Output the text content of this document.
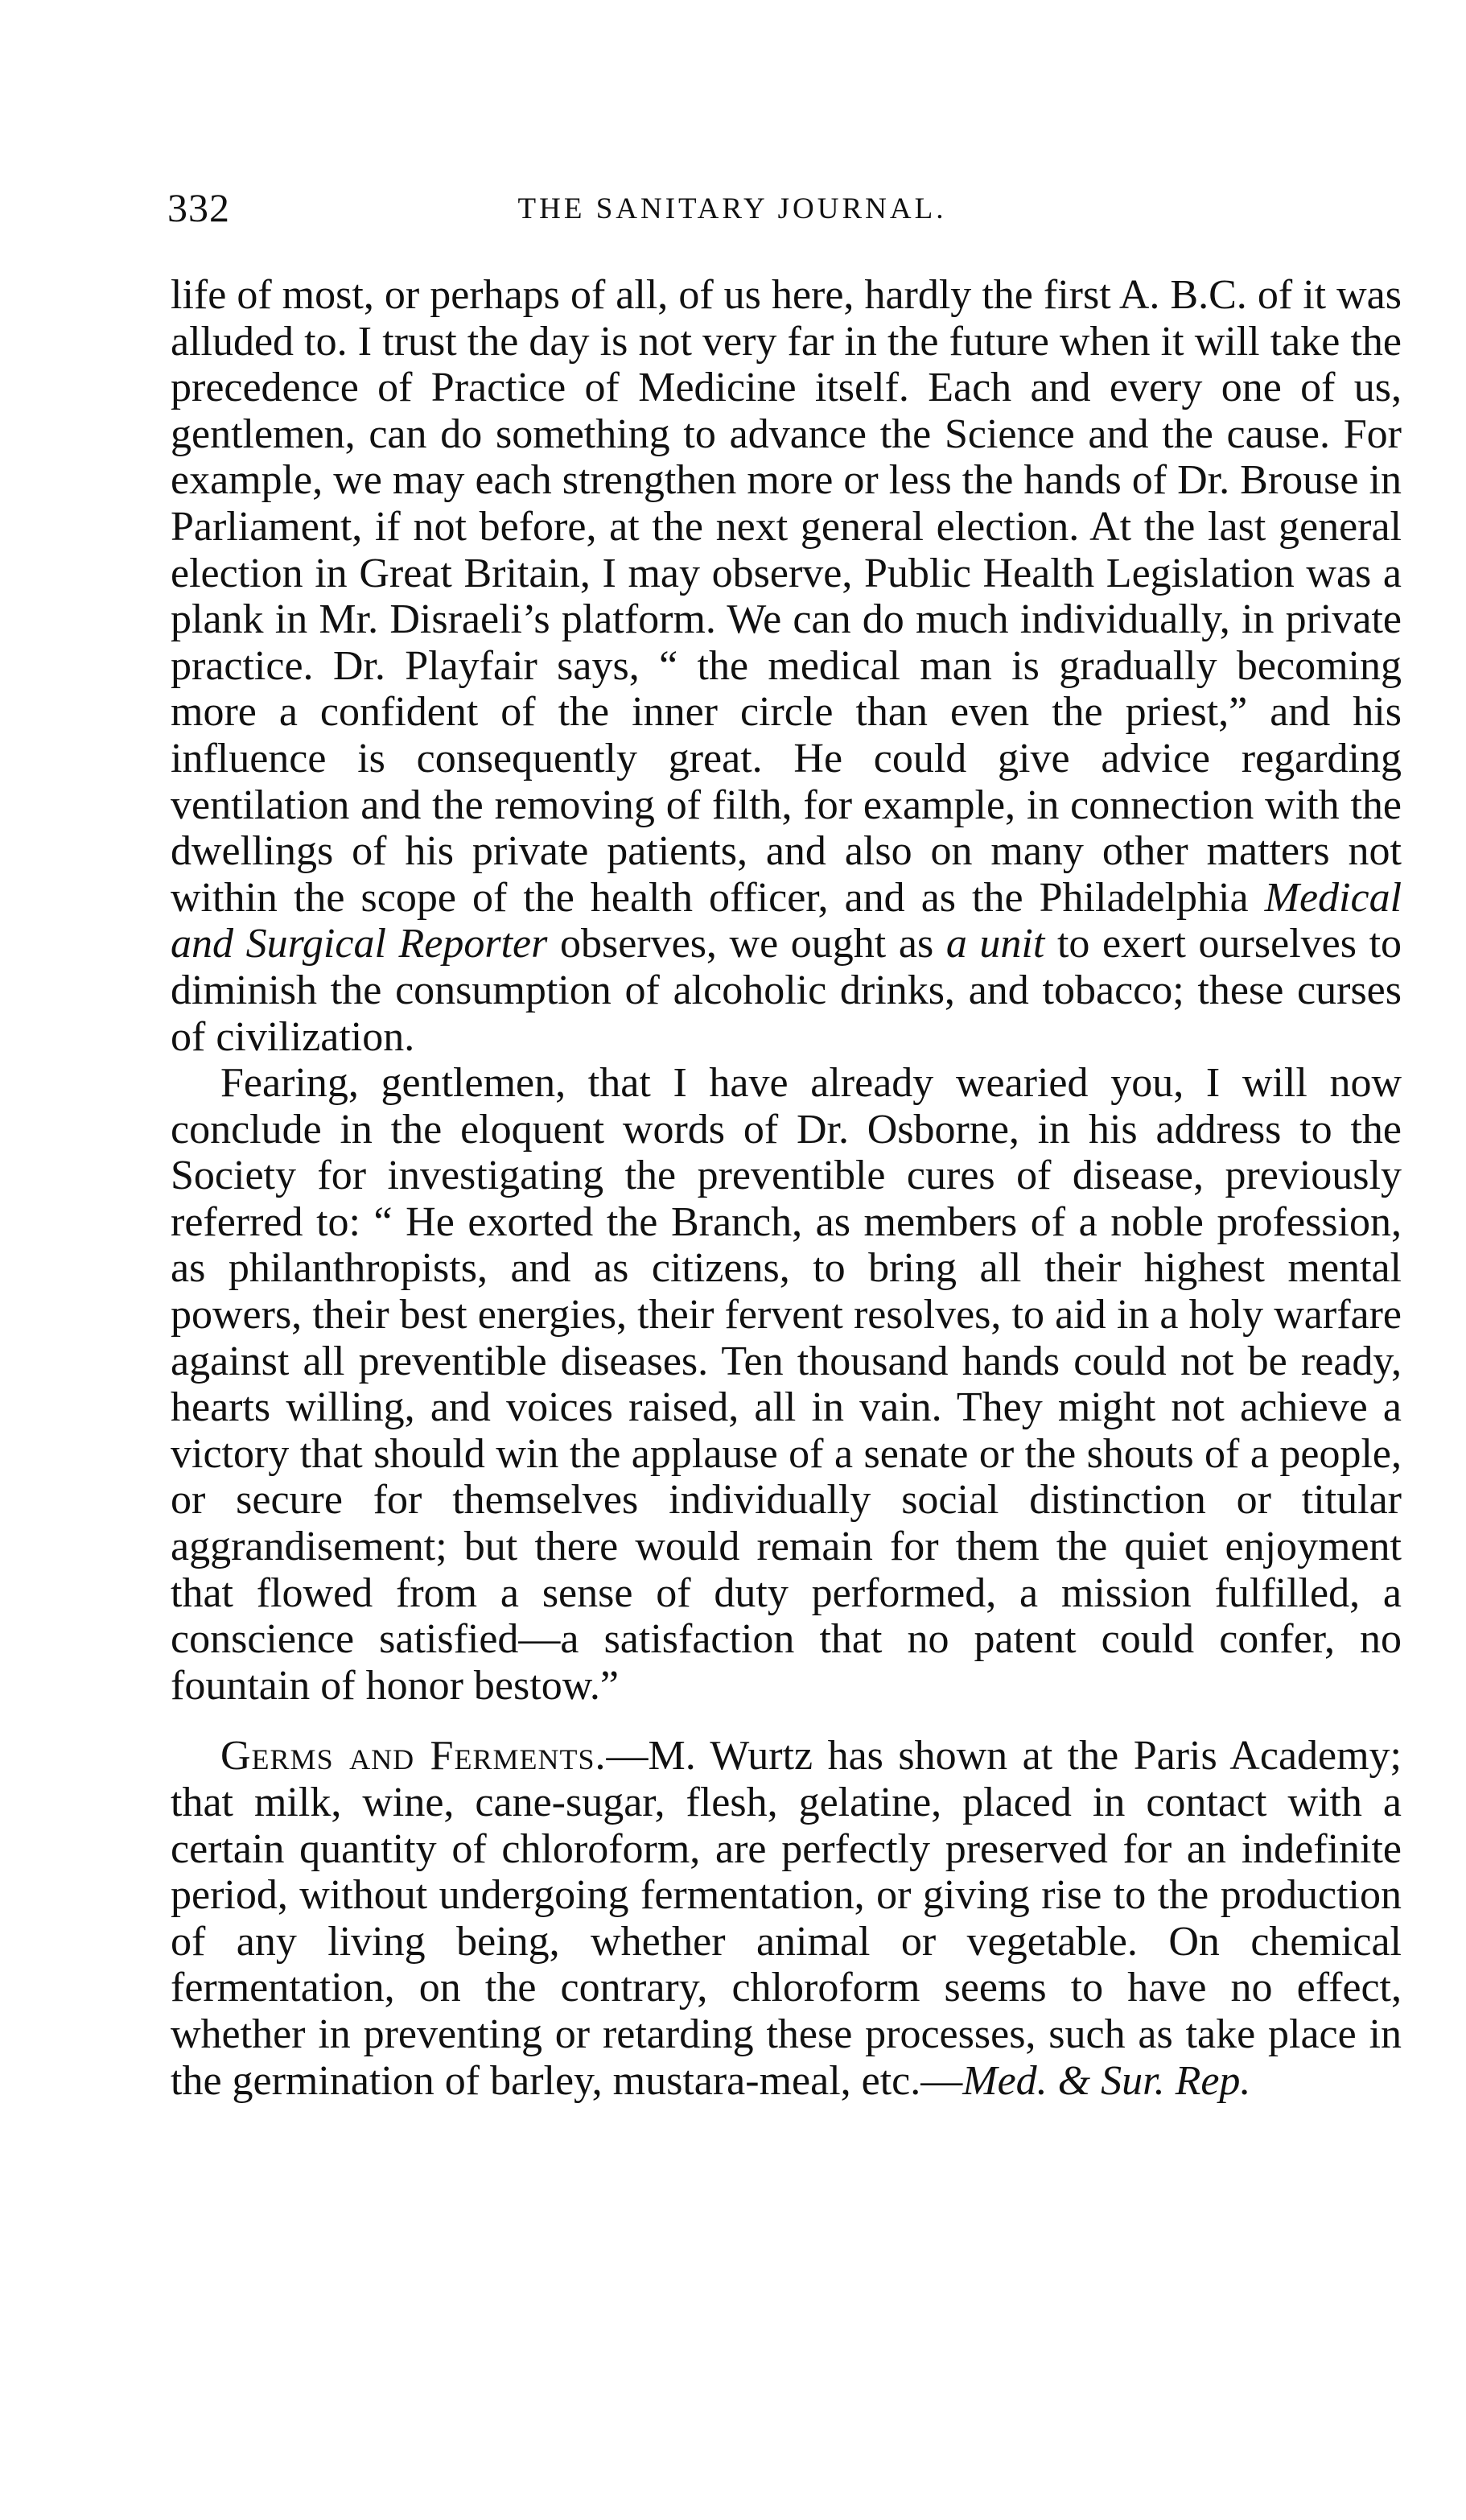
332	THE SANITARY JOURNAL.

life of most, or perhaps of all, of us here, hardly the first A. B.C. of it was alluded to. I trust the day is not very far in the future when it will take the precedence of Practice of Medicine itself. Each and every one of us, gentlemen, can do something to advance the Science and the cause. For example, we may each strengthen more or less the hands of Dr. Brouse in Parliament, if not before, at the next general election. At the last general election in Great Britain, I may observe, Public Health Legislation was a plank in Mr. Disraeli’s platform. We can do much individually, in private practice. Dr. Playfair says, “ the medical man is gradually becoming more a confident of the inner circle than even the priest,” and his influence is consequently great. He could give advice regarding ventilation and the removing of filth, for example, in connection with the dwellings of his private patients, and also on many other matters not within the scope of the health officer, and as the Philadelphia Medical and Surgical Reporter observes, we ought as a unit to exert ourselves to diminish the consumption of alcoholic drinks, and tobacco; these curses of civilization.

Fearing, gentlemen, that I have already wearied you, I will now conclude in the eloquent words of Dr. Osborne, in his address to the Society for investigating the preventible cures of disease, previously referred to: “ He exorted the Branch, as members of a noble profession, as philanthropists, and as citizens, to bring all their highest mental powers, their best energies, their fervent resolves, to aid in a holy warfare against all preventible diseases. Ten thousand hands could not be ready, hearts willing, and voices raised, all in vain. They might not achieve a victory that should win the applause of a senate or the shouts of a people, or secure for themselves individually social distinction or titular aggrandisement; but there would remain for them the quiet enjoyment that flowed from a sense of duty performed, a mission fulfilled, a conscience satisfied—a satisfaction that no patent could confer, no fountain of honor bestow.”

Germs and Ferments.—M. Wurtz has shown at the Paris Academy; that milk, wine, cane-sugar, flesh, gelatine, placed in contact with a certain quantity of chloroform, are perfectly preserved for an indefinite period, without undergoing fermentation, or giving rise to the production of any living being, whether animal or vegetable. On chemical fermentation, on the contrary, chloroform seems to have no effect, whether in preventing or retarding these processes, such as take place in the germination of barley, mustara-meal, etc.—Med. & Sur. Rep.
